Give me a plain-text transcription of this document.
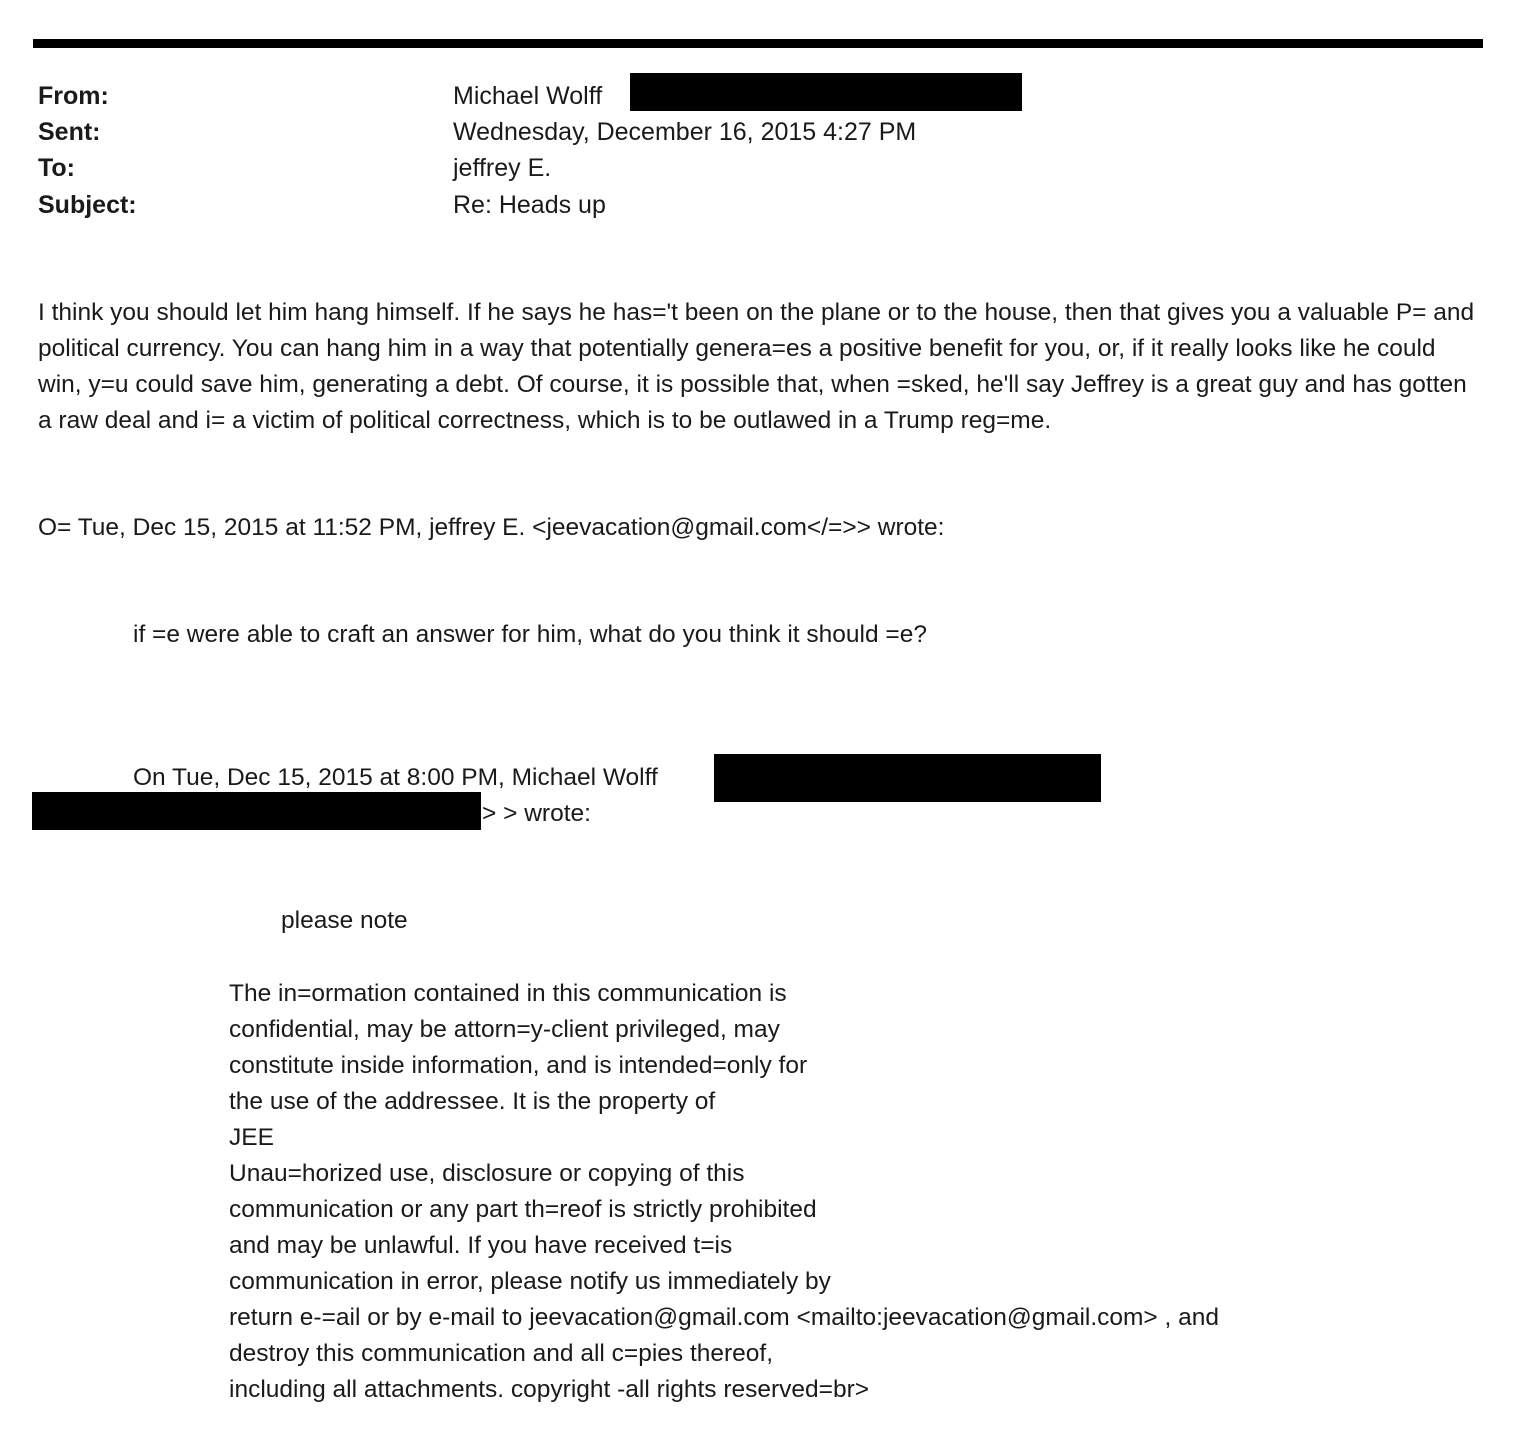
From:	Michael Wolff
Sent:	Wednesday, December 16, 2015 4:27 PM
To:	jeffrey E.
Subject:	Re: Heads up
I think you should let him hang himself. If he says he has='t been on the plane or to the house, then that gives you a valuable P= and political currency. You can hang him in a way that potentially genera=es a positive benefit for you, or, if it really looks like he could win, y=u could save him, generating a debt. Of course, it is possible that, when =sked, he'll say Jeffrey is a great guy and has gotten a raw deal and i= a victim of political correctness, which is to be outlawed in a Trump reg=me.
O= Tue, Dec 15, 2015 at 11:52 PM, jeffrey E. <jeevacation@gmail.com</=>> wrote:
if =e were able to craft an answer for him, what do you think it should =e?
On Tue, Dec 15, 2015 at 8:00 PM, Michael Wolff
> > wrote:
please note
The in=ormation contained in this communication is
confidential, may be attorn=y-client privileged, may
constitute inside information, and is intended=only for
the use of the addressee. It is the property of
JEE
Unau=horized use, disclosure or copying of this
communication or any part th=reof is strictly prohibited
and may be unlawful. If you have received t=is
communication in error, please notify us immediately by
return e-=ail or by e-mail to jeevacation@gmail.com <mailto:jeevacation@gmail.com> , and
destroy this communication and all c=pies thereof,
including all attachments. copyright -all rights reserved=br>
